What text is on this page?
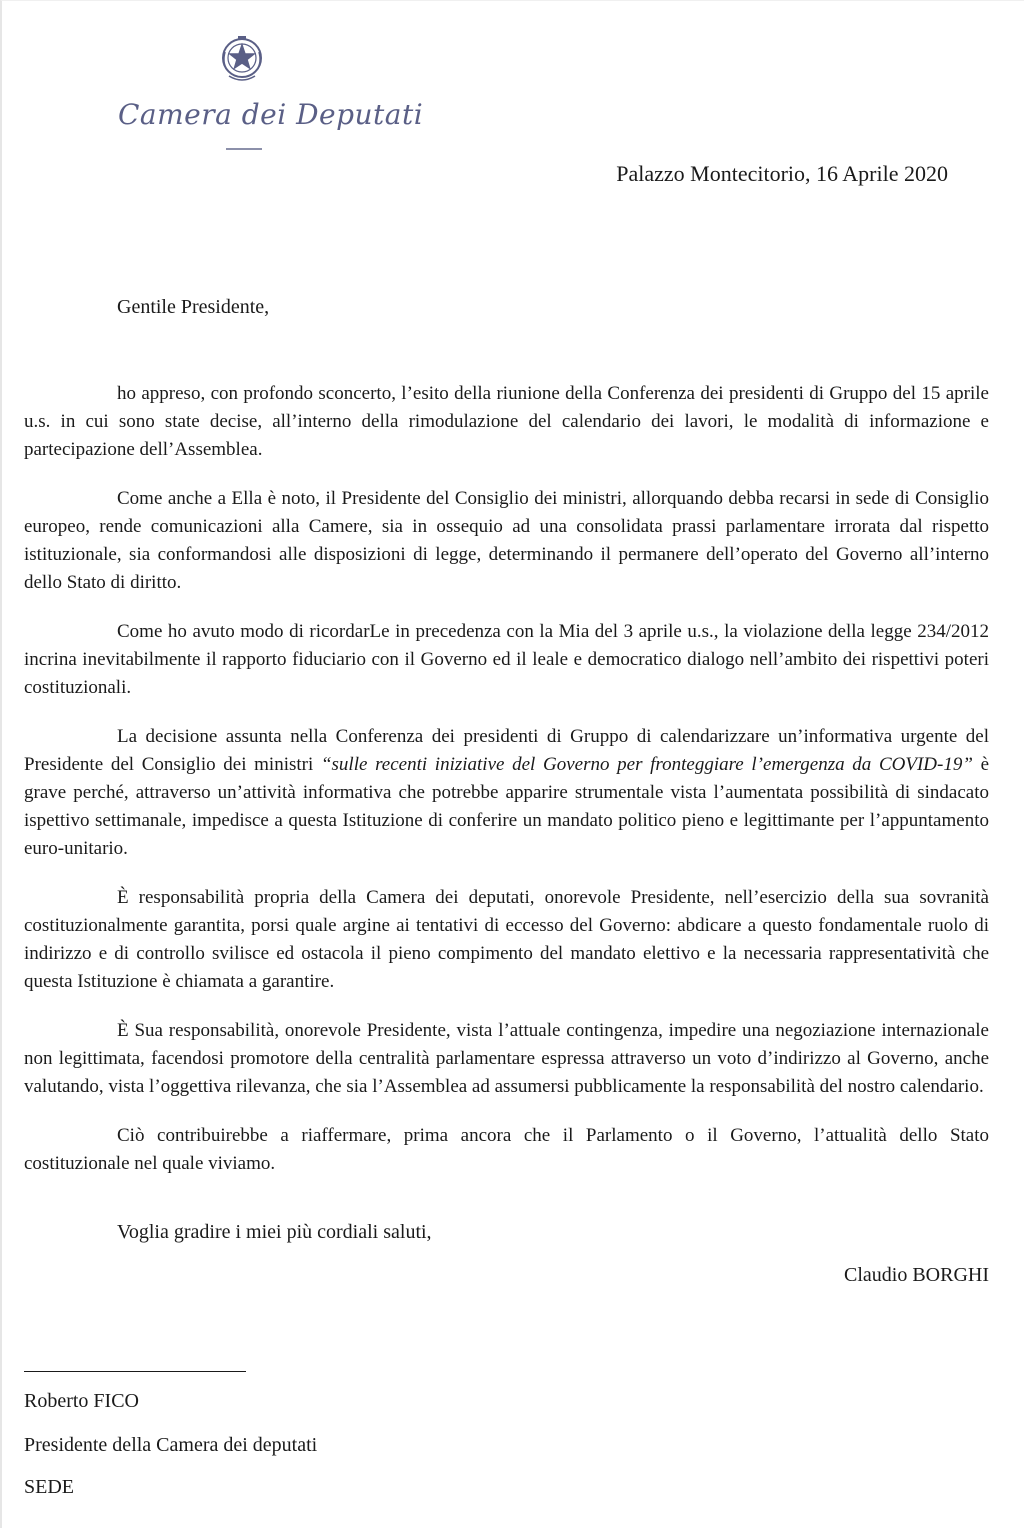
Camera dei Deputati
Palazzo Montecitorio, 16 Aprile 2020
Gentile Presidente,

ho appreso, con profondo sconcerto, l’esito della riunione della Conferenza dei presidenti di Gruppo del 15 aprile u.s. in cui sono state decise, all’interno della rimodulazione del calendario dei lavori, le modalità di informazione e partecipazione dell’Assemblea.

Come anche a Ella è noto, il Presidente del Consiglio dei ministri, allorquando debba recarsi in sede di Consiglio europeo, rende comunicazioni alla Camere, sia in ossequio ad una consolidata prassi parlamentare irrorata dal rispetto istituzionale, sia conformandosi alle disposizioni di legge, determinando il permanere dell’operato del Governo all’interno dello Stato di diritto.

Come ho avuto modo di ricordarLe in precedenza con la Mia del 3 aprile u.s., la violazione della legge 234/2012 incrina inevitabilmente il rapporto fiduciario con il Governo ed il leale e democratico dialogo nell’ambito dei rispettivi poteri costituzionali.

La decisione assunta nella Conferenza dei presidenti di Gruppo di calendarizzare un’informativa urgente del Presidente del Consiglio dei ministri “sulle recenti iniziative del Governo per fronteggiare l’emergenza da COVID-19” è grave perché, attraverso un’attività informativa che potrebbe apparire strumentale vista l’aumentata possibilità di sindacato ispettivo settimanale, impedisce a questa Istituzione di conferire un mandato politico pieno e legittimante per l’appuntamento euro-unitario.

È responsabilità propria della Camera dei deputati, onorevole Presidente, nell’esercizio della sua sovranità costituzionalmente garantita, porsi quale argine ai tentativi di eccesso del Governo: abdicare a questo fondamentale ruolo di indirizzo e di controllo svilisce ed ostacola il pieno compimento del mandato elettivo e la necessaria rappresentatività che questa Istituzione è chiamata a garantire.

È Sua responsabilità, onorevole Presidente, vista l’attuale contingenza, impedire una negoziazione internazionale non legittimata, facendosi promotore della centralità parlamentare espressa attraverso un voto d’indirizzo al Governo, anche valutando, vista l’oggettiva rilevanza, che sia l’Assemblea ad assumersi pubblicamente la responsabilità del nostro calendario.

Ciò contribuirebbe a riaffermare, prima ancora che il Parlamento o il Governo, l’attualità dello Stato costituzionale nel quale viviamo.

Voglia gradire i miei più cordiali saluti,
Claudio BORGHI
Roberto FICO
Presidente della Camera dei deputati
SEDE
